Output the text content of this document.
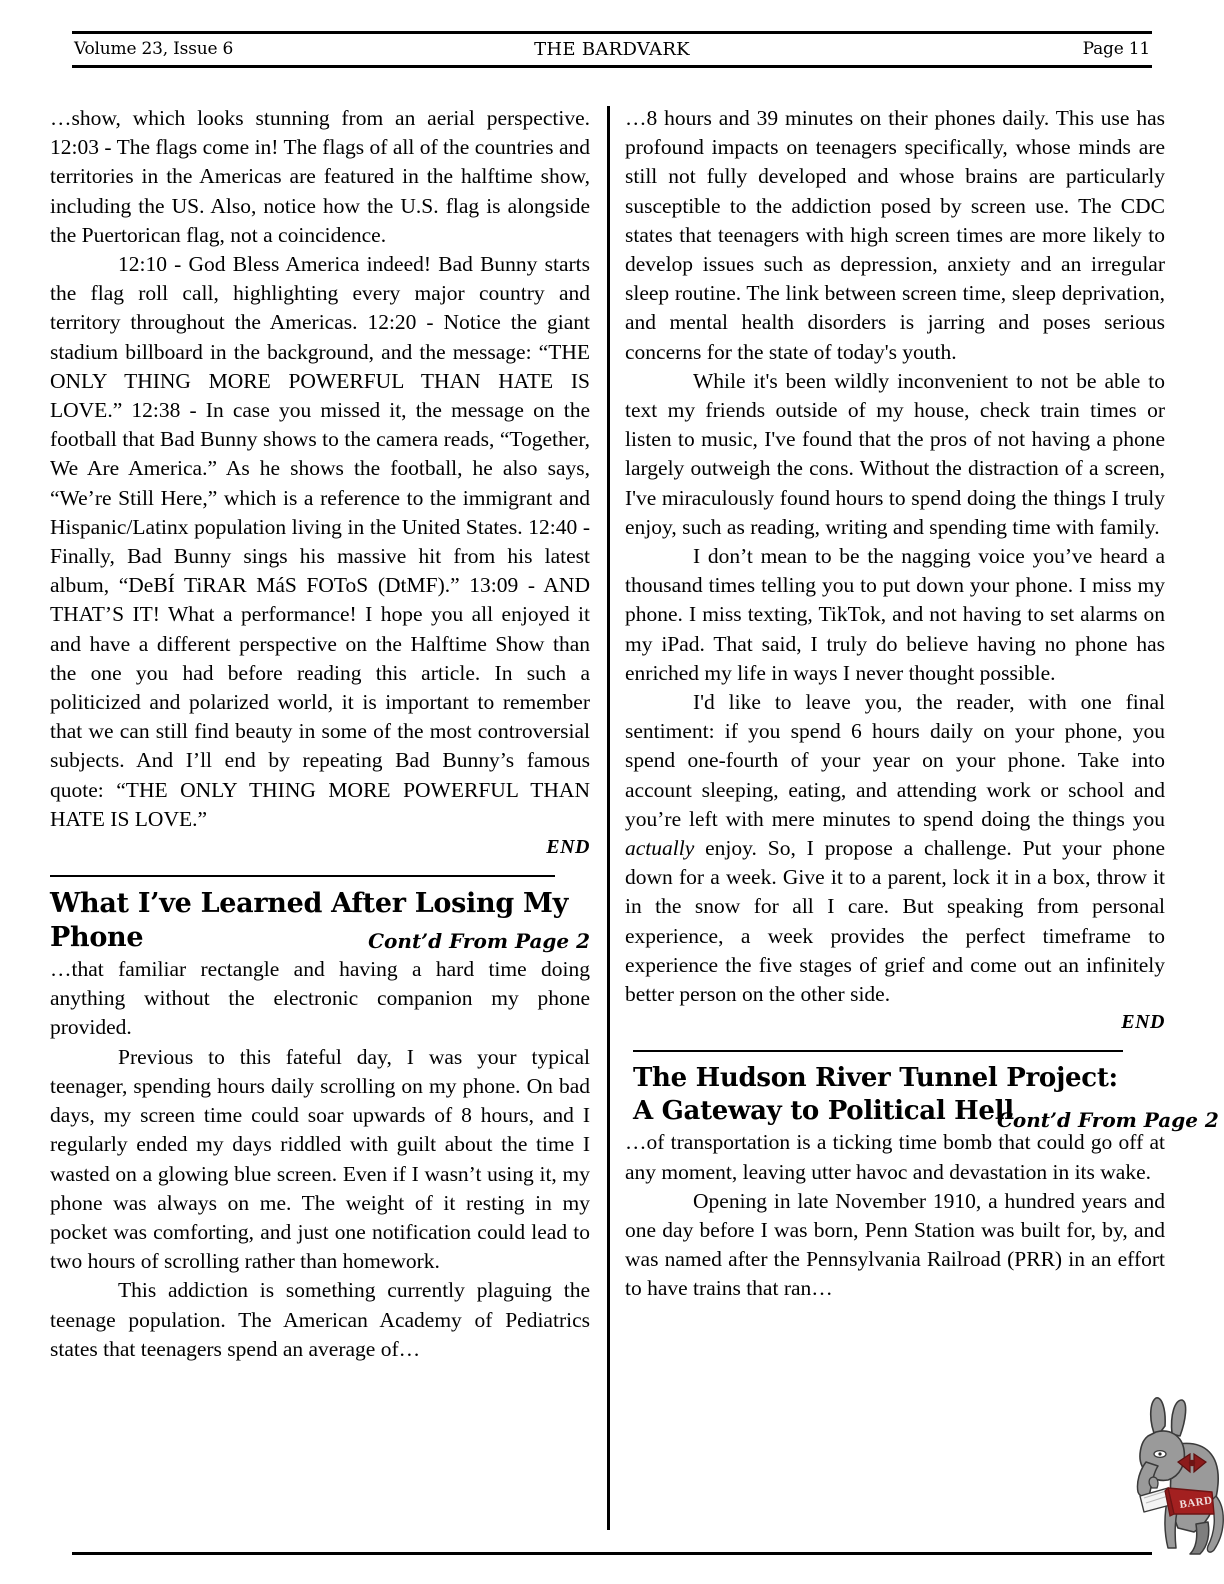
Volume 23, Issue 6	THE BARDVARK	Page 11

…show, which looks stunning from an aerial perspective. 12:03 - The flags come in! The flags of all of the countries and territories in the Americas are featured in the halftime show, including the US. Also, notice how the U.S. flag is alongside the Puertorican flag, not a coincidence.

12:10 - God Bless America indeed! Bad Bunny starts the flag roll call, highlighting every major country and territory throughout the Americas. 12:20 - Notice the giant stadium billboard in the background, and the message: “THE ONLY THING MORE POWERFUL THAN HATE IS LOVE.” 12:38 - In case you missed it, the message on the football that Bad Bunny shows to the camera reads, “Together, We Are America.” As he shows the football, he also says, “We’re Still Here,” which is a reference to the immigrant and Hispanic/Latinx population living in the United States. 12:40 - Finally, Bad Bunny sings his massive hit from his latest album, “DeBÍ TiRAR MáS FOToS (DtMF).” 13:09 - AND THAT’S IT! What a performance! I hope you all enjoyed it and have a different perspective on the Halftime Show than the one you had before reading this article. In such a politicized and polarized world, it is important to remember that we can still find beauty in some of the most controversial subjects. And I’ll end by repeating Bad Bunny’s famous quote: “THE ONLY THING MORE POWERFUL THAN HATE IS LOVE.”

END

What I’ve Learned After Losing My Phone	Cont’d From Page 2

…that familiar rectangle and having a hard time doing anything without the electronic companion my phone provided.

Previous to this fateful day, I was your typical teenager, spending hours daily scrolling on my phone. On bad days, my screen time could soar upwards of 8 hours, and I regularly ended my days riddled with guilt about the time I wasted on a glowing blue screen. Even if I wasn’t using it, my phone was always on me. The weight of it resting in my pocket was comforting, and just one notification could lead to two hours of scrolling rather than homework.

This addiction is something currently plaguing the teenage population. The American Academy of Pediatrics states that teenagers spend an average of…

…8 hours and 39 minutes on their phones daily. This use has profound impacts on teenagers specifically, whose minds are still not fully developed and whose brains are particularly susceptible to the addiction posed by screen use. The CDC states that teenagers with high screen times are more likely to develop issues such as depression, anxiety and an irregular sleep routine. The link between screen time, sleep deprivation, and mental health disorders is jarring and poses serious concerns for the state of today's youth.

While it's been wildly inconvenient to not be able to text my friends outside of my house, check train times or listen to music, I've found that the pros of not having a phone largely outweigh the cons. Without the distraction of a screen, I've miraculously found hours to spend doing the things I truly enjoy, such as reading, writing and spending time with family.

I don’t mean to be the nagging voice you’ve heard a thousand times telling you to put down your phone. I miss my phone. I miss texting, TikTok, and not having to set alarms on my iPad. That said, I truly do believe having no phone has enriched my life in ways I never thought possible.

I'd like to leave you, the reader, with one final sentiment: if you spend 6 hours daily on your phone, you spend one-fourth of your year on your phone. Take into account sleeping, eating, and attending work or school and you’re left with mere minutes to spend doing the things you actually enjoy. So, I propose a challenge. Put your phone down for a week. Give it to a parent, lock it in a box, throw it in the snow for all I care. But speaking from personal experience, a week provides the perfect timeframe to experience the five stages of grief and come out an infinitely better person on the other side.

END

The Hudson River Tunnel Project:
A Gateway to Political Hell
Cont’d From Page 2

…of transportation is a ticking time bomb that could go off at any moment, leaving utter havoc and devastation in its wake.

Opening in late November 1910, a hundred years and one day before I was born, Penn Station was built for, by, and was named after the Pennsylvania Railroad (PRR) in an effort to have trains that ran…

BARD
